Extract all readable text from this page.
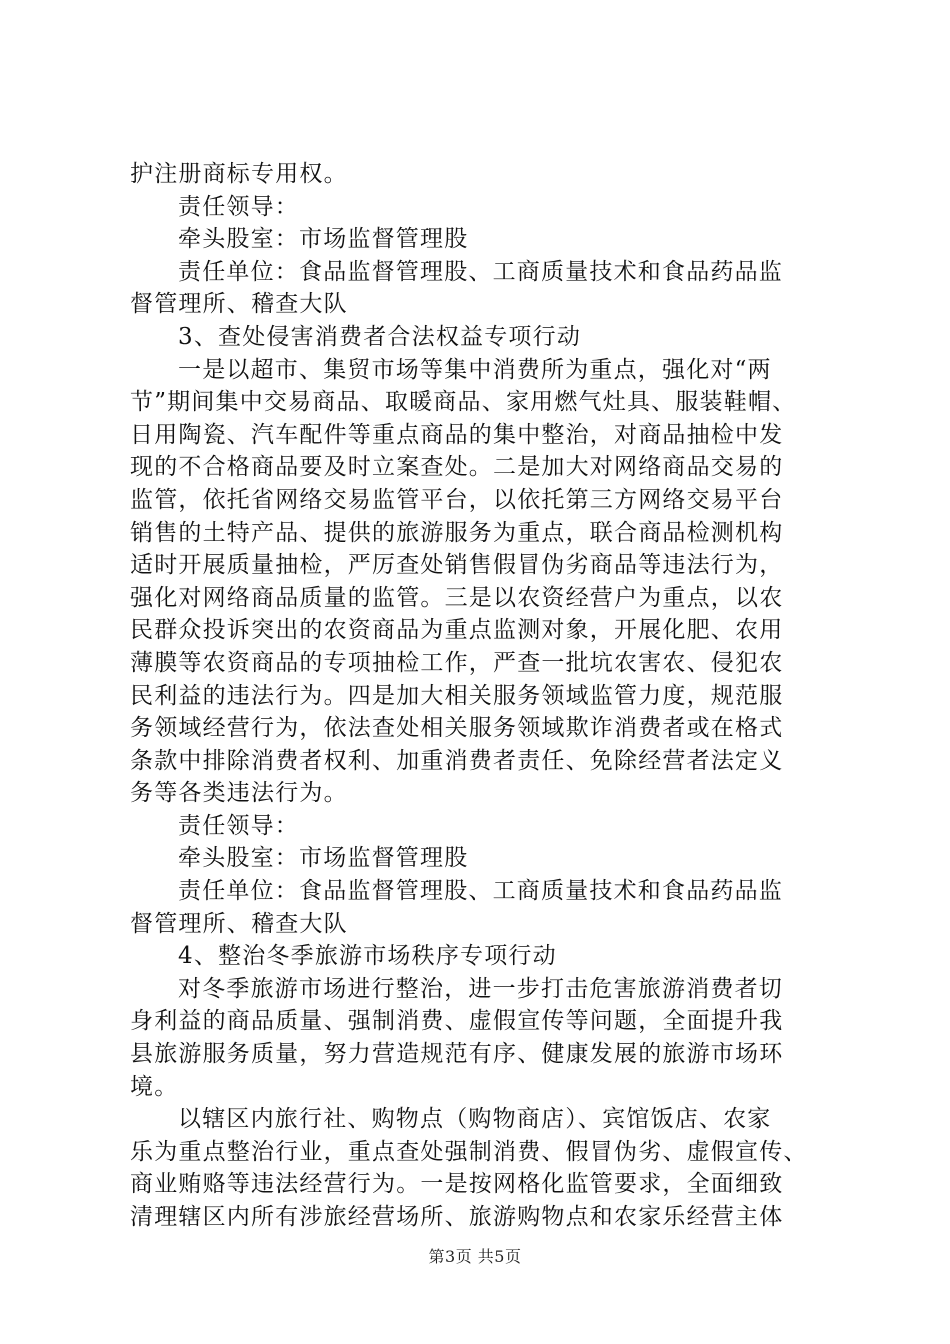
护注册商标专用权。
责任领导：
牵头股室：市场监督管理股
责任单位：食品监督管理股、工商质量技术和食品药品监
督管理所、稽查大队
3、查处侵害消费者合法权益专项行动
一是以超市、集贸市场等集中消费所为重点，强化对“两
节”期间集中交易商品、取暖商品、家用燃气灶具、服装鞋帽、
日用陶瓷、汽车配件等重点商品的集中整治，对商品抽检中发
现的不合格商品要及时立案查处。二是加大对网络商品交易的
监管，依托省网络交易监管平台，以依托第三方网络交易平台
销售的土特产品、提供的旅游服务为重点，联合商品检测机构
适时开展质量抽检，严厉查处销售假冒伪劣商品等违法行为，
强化对网络商品质量的监管。三是以农资经营户为重点，以农
民群众投诉突出的农资商品为重点监测对象，开展化肥、农用
薄膜等农资商品的专项抽检工作，严查一批坑农害农、侵犯农
民利益的违法行为。四是加大相关服务领域监管力度，规范服
务领域经营行为，依法查处相关服务领域欺诈消费者或在格式
条款中排除消费者权利、加重消费者责任、免除经营者法定义
务等各类违法行为。
责任领导：
牵头股室：市场监督管理股
责任单位：食品监督管理股、工商质量技术和食品药品监
督管理所、稽查大队
4、整治冬季旅游市场秩序专项行动
对冬季旅游市场进行整治，进一步打击危害旅游消费者切
身利益的商品质量、强制消费、虚假宣传等问题，全面提升我
县旅游服务质量，努力营造规范有序、健康发展的旅游市场环
境。
以辖区内旅行社、购物点（购物商店）、宾馆饭店、农家
乐为重点整治行业，重点查处强制消费、假冒伪劣、虚假宣传、
商业贿赂等违法经营行为。一是按网格化监管要求，全面细致
清理辖区内所有涉旅经营场所、旅游购物点和农家乐经营主体
第3页 共5页
